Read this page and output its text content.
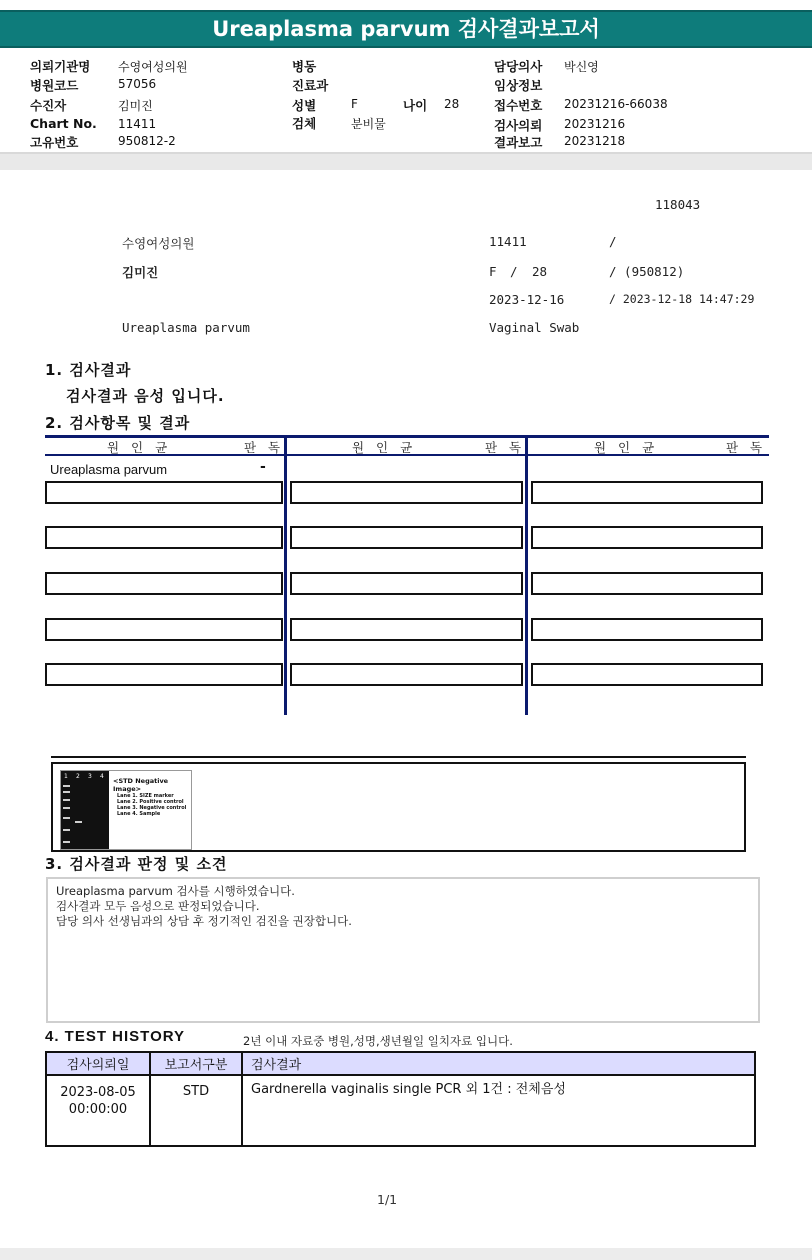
Ureaplasma parvum 검사결과보고서
의뢰기관명 수영여성의원
병원코드	57056
수진자	김미진
Chart No. 11411
고유번호	950812-2
병동
진료과
성별	F	나이 28
검체	분비물
담당의사 박신영
임상정보
접수번호 20231216-66038
검사의뢰 20231216
결과보고 20231218
118043
수영여성의원	11411	/
김미진	F / 28	/ (950812)
2023-12-16	/ 2023-12-18 14:47:29
Ureaplasma parvum	Vaginal Swab
1. 검사결과
검사결과 음성 입니다.
2. 검사항목 및 결과
원 인 균	판 독	원 인 균	판 독	원 인 균	판 독
Ureaplasma parvum	-
1 2 3 4
<STD Negative Image>
Lane 1. SIZE marker
Lane 2. Positive control
Lane 3. Negative control
Lane 4. Sample
3. 검사결과 판정 및 소견
Ureaplasma parvum 검사를 시행하였습니다.
검사결과 모두 음성으로 판정되었습니다.
담당 의사 선생님과의 상담 후 정기적인 검진을 권장합니다.
4. TEST HISTORY	2년 이내 자료중 병원,성명,생년월일 일치자료 입니다.
검사의뢰일	보고서구분	검사결과

2023-08-05
00:00:00	STD	Gardnerella vaginalis single PCR 외 1건 : 전체음성
1/1
